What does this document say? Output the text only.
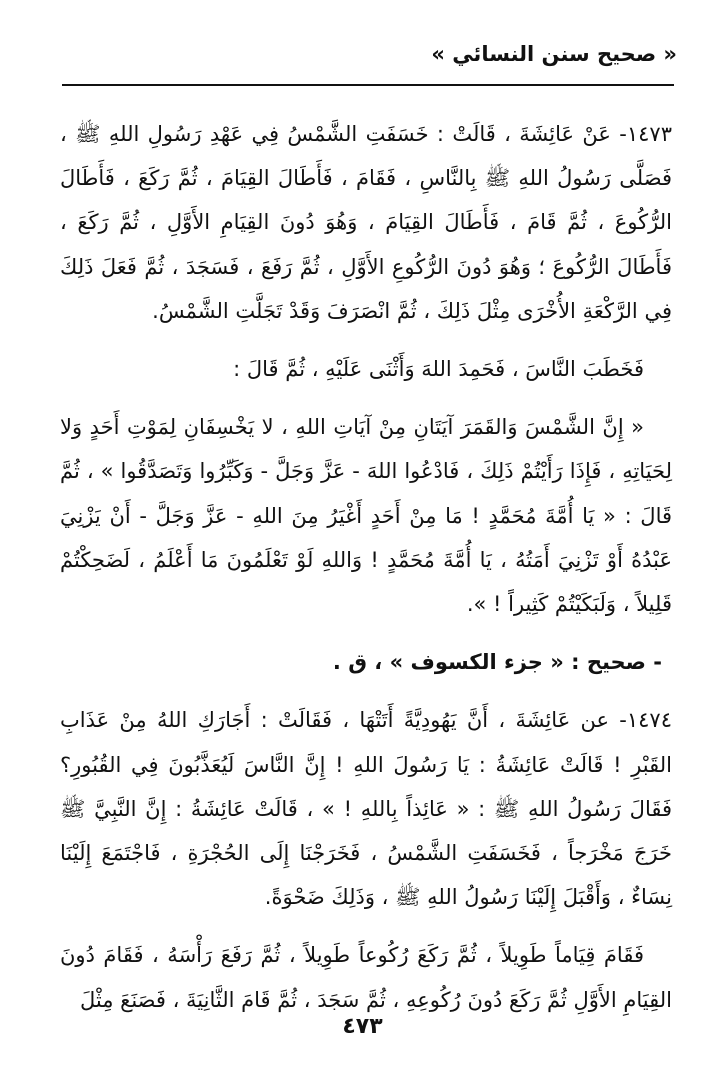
« صحيح سنن النسائي »

١٤٧٣- عَنْ عَائِشَةَ ، قَالَتْ : خَسَفَتِ الشَّمْسُ فِي عَهْدِ رَسُولِ اللهِ ﷺ ، فَصَلَّى رَسُولُ اللهِ ﷺ بِالنَّاسِ ، فَقَامَ ، فَأَطَالَ القِيَامَ ، ثُمَّ رَكَعَ ، فَأَطَالَ الرُّكُوعَ ، ثُمَّ قَامَ ، فَأَطَالَ القِيَامَ ، وَهُوَ دُونَ القِيَامِ الأَوَّلِ ، ثُمَّ رَكَعَ ، فَأَطَالَ الرُّكُوعَ ؛ وَهُوَ دُونَ الرُّكُوعِ الأَوَّلِ ، ثُمَّ رَفَعَ ، فَسَجَدَ ، ثُمَّ فَعَلَ ذَلِكَ فِي الرَّكْعَةِ الأُخْرَى مِثْلَ ذَلِكَ ، ثُمَّ انْصَرَفَ وَقَدْ تَجَلَّتِ الشَّمْسُ.

فَخَطَبَ النَّاسَ ، فَحَمِدَ اللهَ وَأَثْنَى عَلَيْهِ ، ثُمَّ قَالَ :

« إِنَّ الشَّمْسَ وَالقَمَرَ آيَتَانِ مِنْ آيَاتِ اللهِ ، لا يَخْسِفَانِ لِمَوْتِ أَحَدٍ وَلا لِحَيَاتِهِ ، فَإِذَا رَأَيْتُمْ ذَلِكَ ، فَادْعُوا اللهَ - عَزَّ وَجَلَّ - وَكَبِّرُوا وَتَصَدَّقُوا » ، ثُمَّ قَالَ : « يَا أُمَّةَ مُحَمَّدٍ ! مَا مِنْ أَحَدٍ أَغْيَرُ مِنَ اللهِ - عَزَّ وَجَلَّ - أَنْ يَزْنِيَ عَبْدُهُ أَوْ تَزْنِيَ أَمَتُهُ ، يَا أُمَّةَ مُحَمَّدٍ ! وَاللهِ لَوْ تَعْلَمُونَ مَا أَعْلَمُ ، لَضَحِكْتُمْ قَلِيلاً ، وَلَبَكَيْتُمْ كَثِيراً ! ».

- صحيح : « جزء الكسوف » ، ق .

١٤٧٤- عن عَائِشَةَ ، أَنَّ يَهُودِيَّةً أَتَتْهَا ، فَقَالَتْ : أَجَارَكِ اللهُ مِنْ عَذَابِ القَبْرِ ! قَالَتْ عَائِشَةُ : يَا رَسُولَ اللهِ ! إِنَّ النَّاسَ لَيُعَذَّبُونَ فِي القُبُورِ؟ فَقَالَ رَسُولُ اللهِ ﷺ : « عَائِذاً بِاللهِ ! » ، قَالَتْ عَائِشَةُ : إِنَّ النَّبِيَّ ﷺ خَرَجَ مَخْرَجاً ، فَخَسَفَتِ الشَّمْسُ ، فَخَرَجْنَا إِلَى الحُجْرَةِ ، فَاجْتَمَعَ إِلَيْنَا نِسَاءٌ ، وَأَقْبَلَ إِلَيْنَا رَسُولُ اللهِ ﷺ ، وَذَلِكَ ضَحْوَةً.

فَقَامَ قِيَاماً طَوِيلاً ، ثُمَّ رَكَعَ رُكُوعاً طَوِيلاً ، ثُمَّ رَفَعَ رَأْسَهُ ، فَقَامَ دُونَ القِيَامِ الأَوَّلِ ثُمَّ رَكَعَ دُونَ رُكُوعِهِ ، ثُمَّ سَجَدَ ، ثُمَّ قَامَ الثَّانِيَةَ ، فَصَنَعَ مِثْلَ

٤٧٣
